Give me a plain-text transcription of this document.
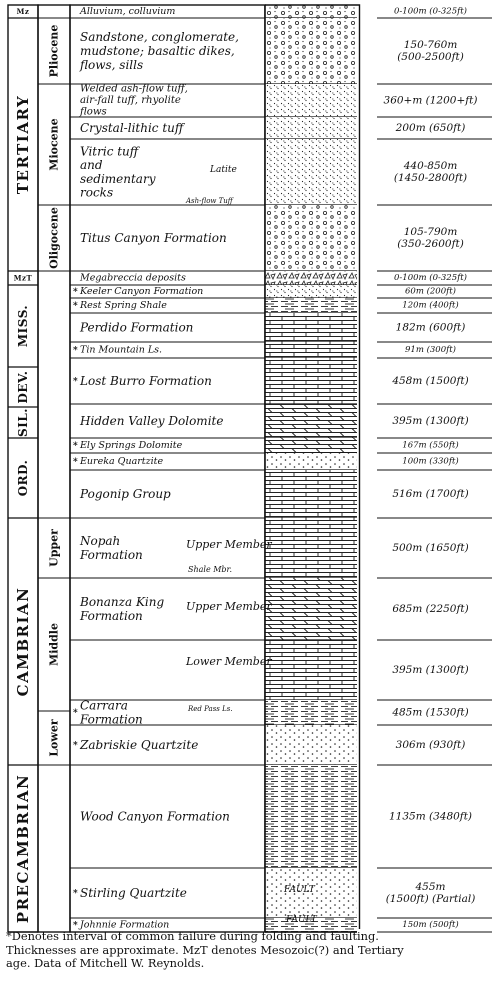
Mz
TERTIARY
MzT
MISS.
DEV.
SIL.
ORD.
CAMBRIAN
PRECAMBRIAN
Pliocene
Miocene
Oligocene
Upper
Middle
Lower
Alluvium, colluvium
Sandstone, conglomerate,
mudstone; basaltic dikes,
flows, sills
Welded ash-flow tuff,
air-fall tuff, rhyolite
flows
Crystal-lithic tuff
Vitric tuff
and
sedimentary
rocks
Titus Canyon Formation
Megabreccia deposits
Keeler Canyon Formation
Rest Spring Shale
Perdido Formation
Tin Mountain Ls.
Lost Burro Formation
Hidden Valley Dolomite
Ely Springs Dolomite
Eureka Quartzite
Pogonip Group
Nopah
Formation
Bonanza King
Formation
Carrara
Formation
Zabriskie Quartzite
Wood Canyon Formation
Stirling Quartzite
Johnnie Formation
0-100m (0-325ft)
150-760m (500-2500ft)
360+m (1200+ft)
200m (650ft)
440-850m (1450-2800ft)
105-790m (350-2600ft)
0-100m (0-325ft)
60m (200ft)
120m (400ft)
182m (600ft)
91m (300ft)
458m (1500ft)
395m (1300ft)
167m (550ft)
100m (330ft)
516m (1700ft)
500m (1650ft)
685m (2250ft)
395m (1300ft)
485m (1530ft)
306m (930ft)
1135m (3480ft)
455m (1500ft) (Partial)
150m (500ft)
Latite
Ash-flow Tuff
Upper Member
Shale Mbr.
Upper Member
Lower Member
Red Pass Ls.
FAULT
FAULT
*
*
*
*
*
*
*
*
*
*
*Denotes interval of common failure during folding and faulting.
Thicknesses are approximate. MzT denotes Mesozoic(?) and Tertiary
age. Data of Mitchell W. Reynolds.
